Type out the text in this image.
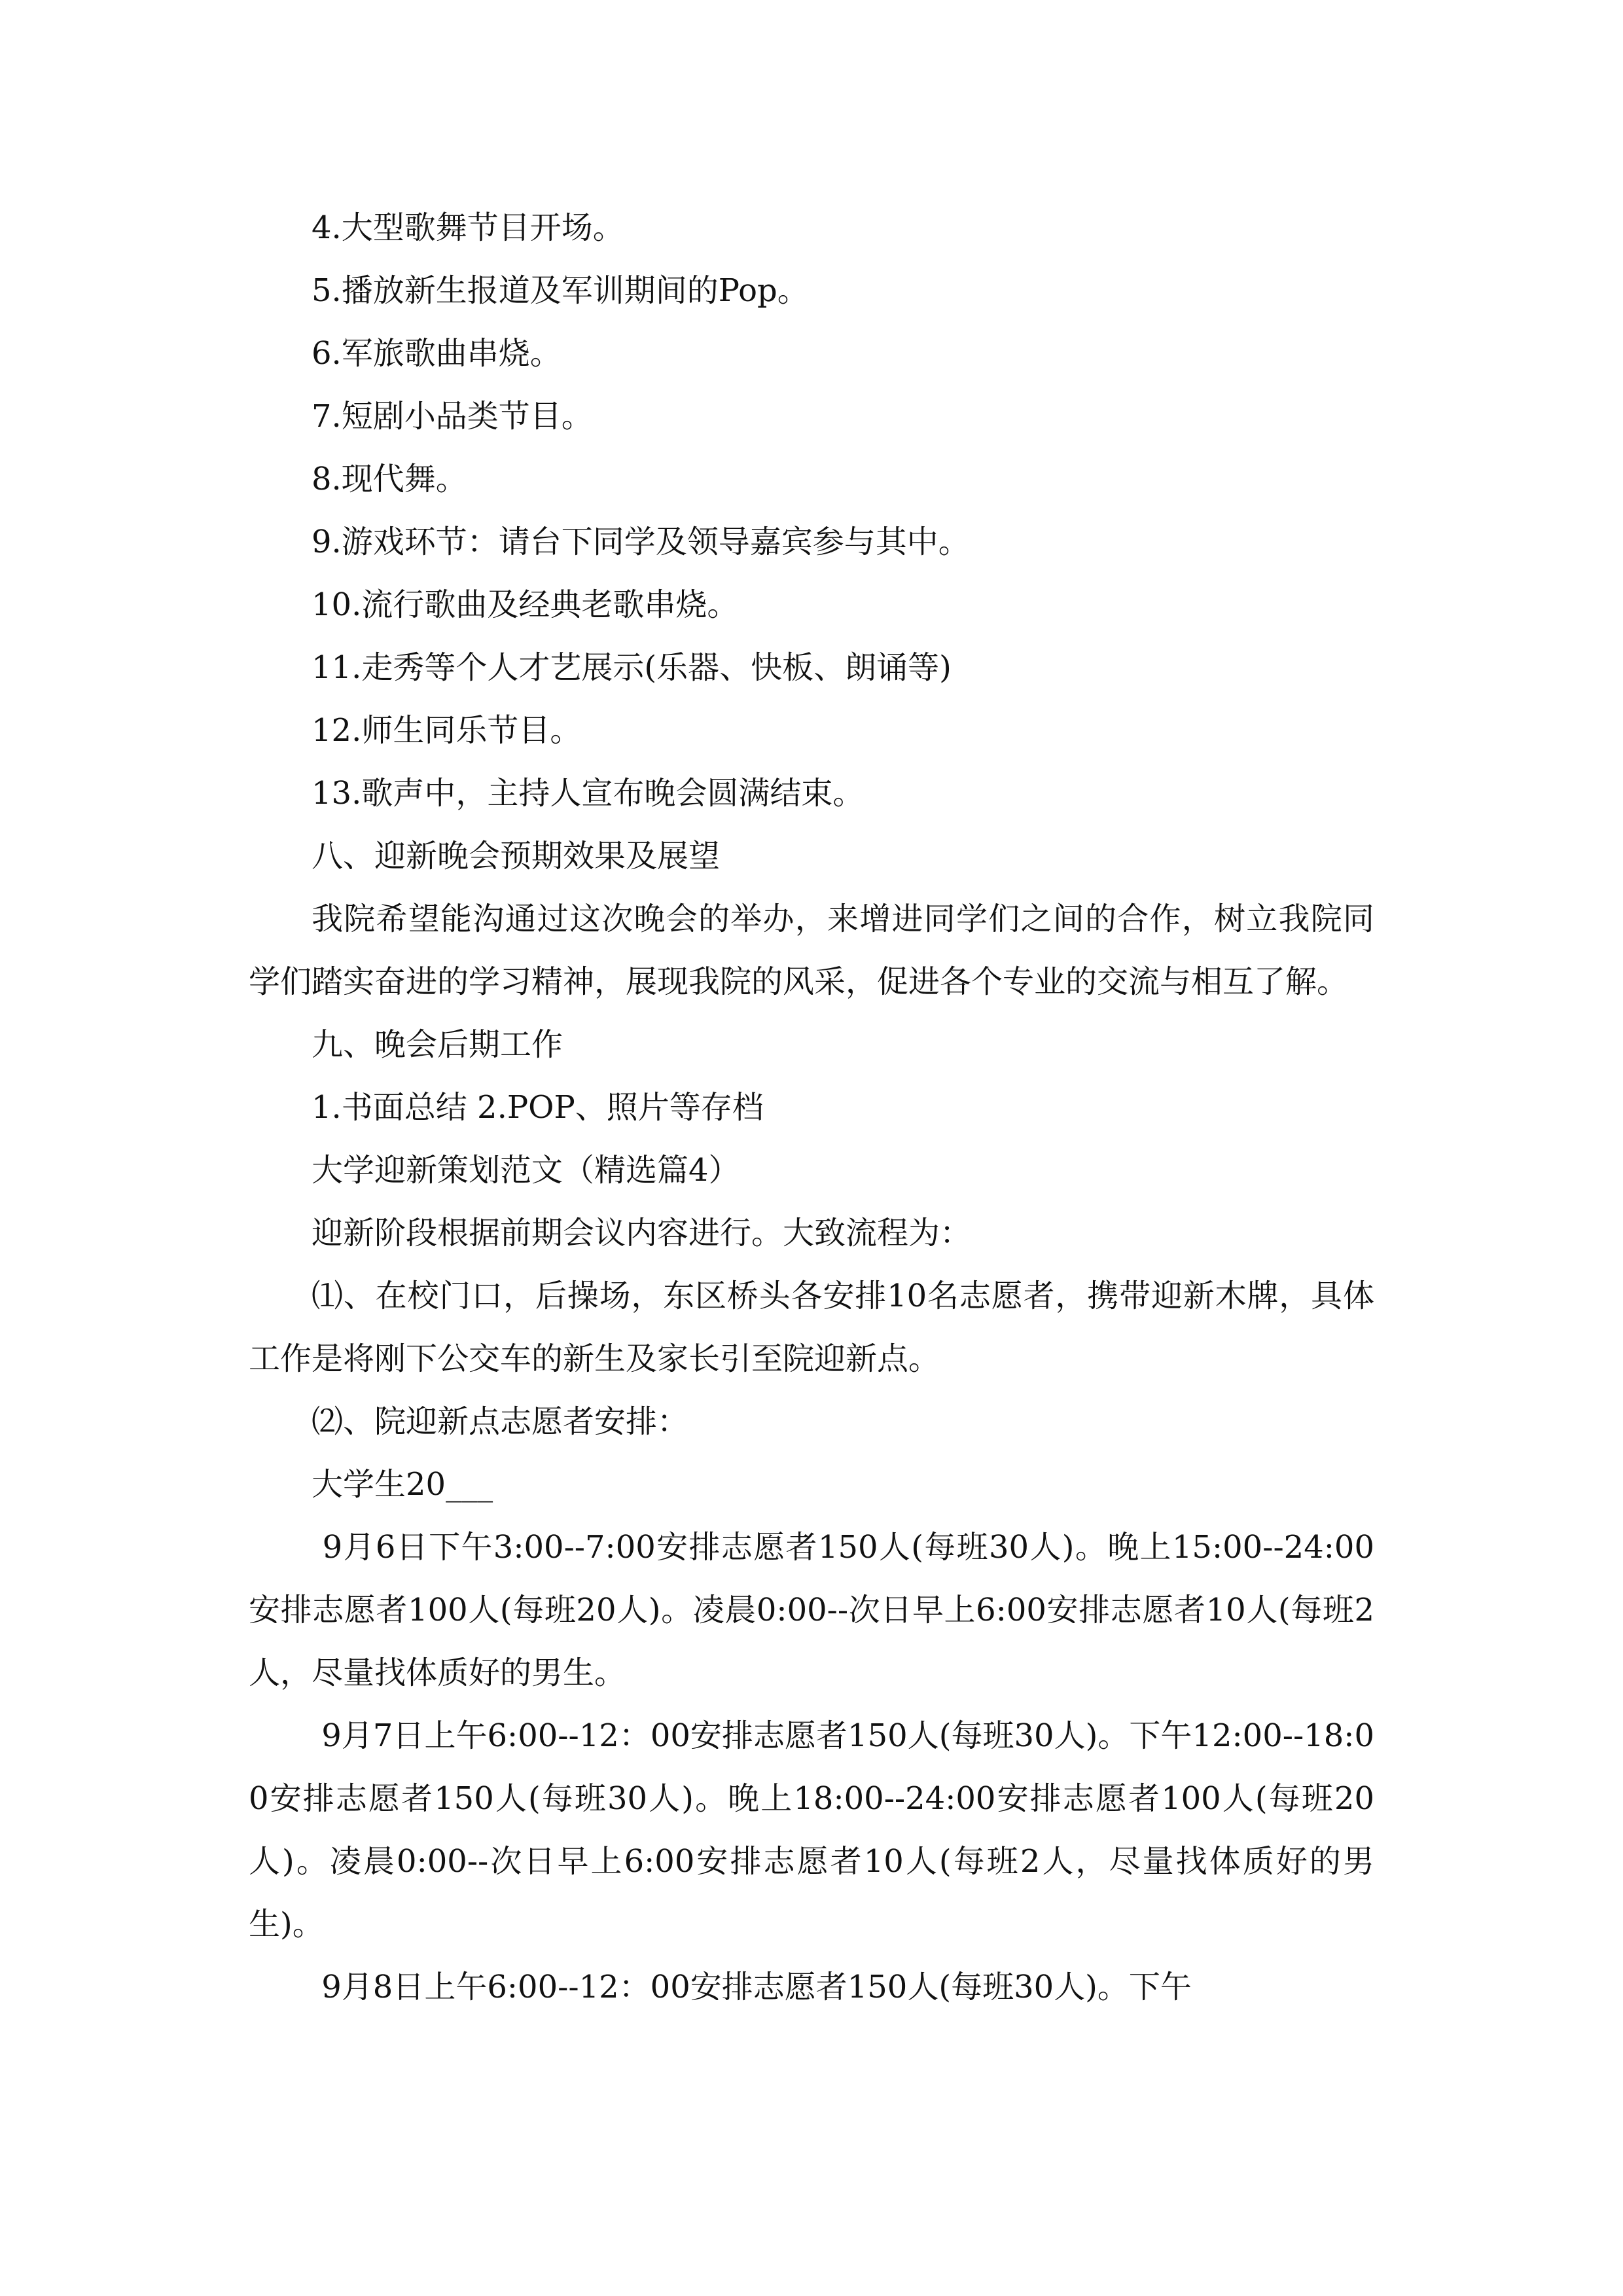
4.大型歌舞节目开场。

5.播放新生报道及军训期间的Pop。

6.军旅歌曲串烧。

7.短剧小品类节目。

8.现代舞。

9.游戏环节：请台下同学及领导嘉宾参与其中。

10.流行歌曲及经典老歌串烧。

11.走秀等个人才艺展示(乐器、快板、朗诵等)

12.师生同乐节目。

13.歌声中，主持人宣布晚会圆满结束。

八、迎新晚会预期效果及展望

我院希望能沟通过这次晚会的举办，来增进同学们之间的合作，树立我院同学们踏实奋进的学习精神，展现我院的风采，促进各个专业的交流与相互了解。

九、晚会后期工作

1.书面总结 2.POP、照片等存档

大学迎新策划范文（精选篇4）

迎新阶段根据前期会议内容进行。大致流程为：

⑴、在校门口，后操场，东区桥头各安排10名志愿者，携带迎新木牌，具体工作是将刚下公交车的新生及家长引至院迎新点。

⑵、院迎新点志愿者安排：

大学生20___

9月6日下午3:00--7:00安排志愿者150人(每班30人)。晚上15:00--24:00安排志愿者100人(每班20人)。凌晨0:00--次日早上6:00安排志愿者10人(每班2人，尽量找体质好的男生。

9月7日上午6:00--12：00安排志愿者150人(每班30人)。下午12:00--18:00安排志愿者150人(每班30人)。晚上18:00--24:00安排志愿者100人(每班20人)。凌晨0:00--次日早上6:00安排志愿者10人(每班2人，尽量找体质好的男生)。

9月8日上午6:00--12：00安排志愿者150人(每班30人)。下午
